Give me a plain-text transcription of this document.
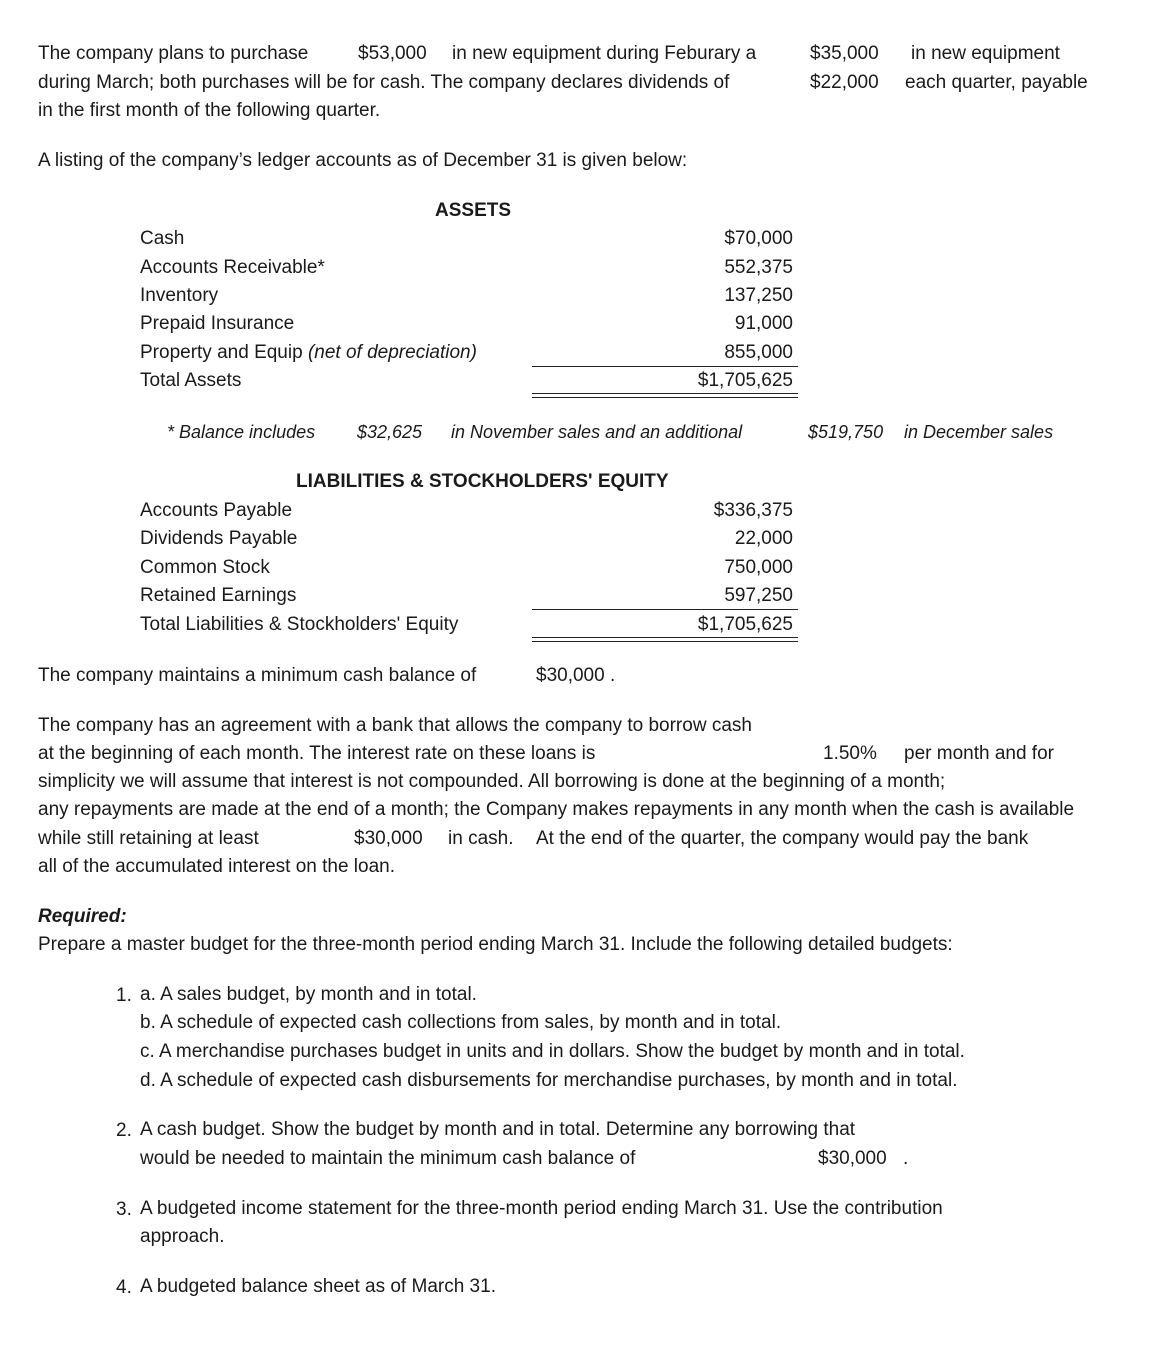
The company plans to purchase	$53,000 in new equipment during Feburary a	$35,000 in new equipment
during March; both purchases will be for cash. The company declares dividends of	$22,000 each quarter, payable
in the first month of the following quarter.
A listing of the company’s ledger accounts as of December 31 is given below:
ASSETS
Cash	$70,000
Accounts Receivable*	552,375
Inventory	137,250
Prepaid Insurance	91,000
Property and Equip (net of depreciation)	855,000
Total Assets	$1,705,625
* Balance includes $32,625 in November sales and an additional	$519,750 in December sales
LIABILITIES & STOCKHOLDERS' EQUITY
Accounts Payable	$336,375
Dividends Payable	22,000
Common Stock	750,000
Retained Earnings	597,250
Total Liabilities & Stockholders' Equity	$1,705,625
The company maintains a minimum cash balance of	$30,000 .
The company has an agreement with a bank that allows the company to borrow cash
at the beginning of each month. The interest rate on these loans is	1.50% per month and for
simplicity we will assume that interest is not compounded. All borrowing is done at the beginning of a month;
any repayments are made at the end of a month; the Company makes repayments in any month when the cash is available
while still retaining at least	$30,000 in cash. At the end of the quarter, the company would pay the bank
all of the accumulated interest on the loan.
Required:
Prepare a master budget for the three-month period ending March 31. Include the following detailed budgets:
1. a. A sales budget, by month and in total.
b. A schedule of expected cash collections from sales, by month and in total.
c. A merchandise purchases budget in units and in dollars. Show the budget by month and in total.
d. A schedule of expected cash disbursements for merchandise purchases, by month and in total.
2. A cash budget. Show the budget by month and in total. Determine any borrowing that
would be needed to maintain the minimum cash balance of	$30,000 .
3. A budgeted income statement for the three-month period ending March 31. Use the contribution
approach.
4. A budgeted balance sheet as of March 31.
